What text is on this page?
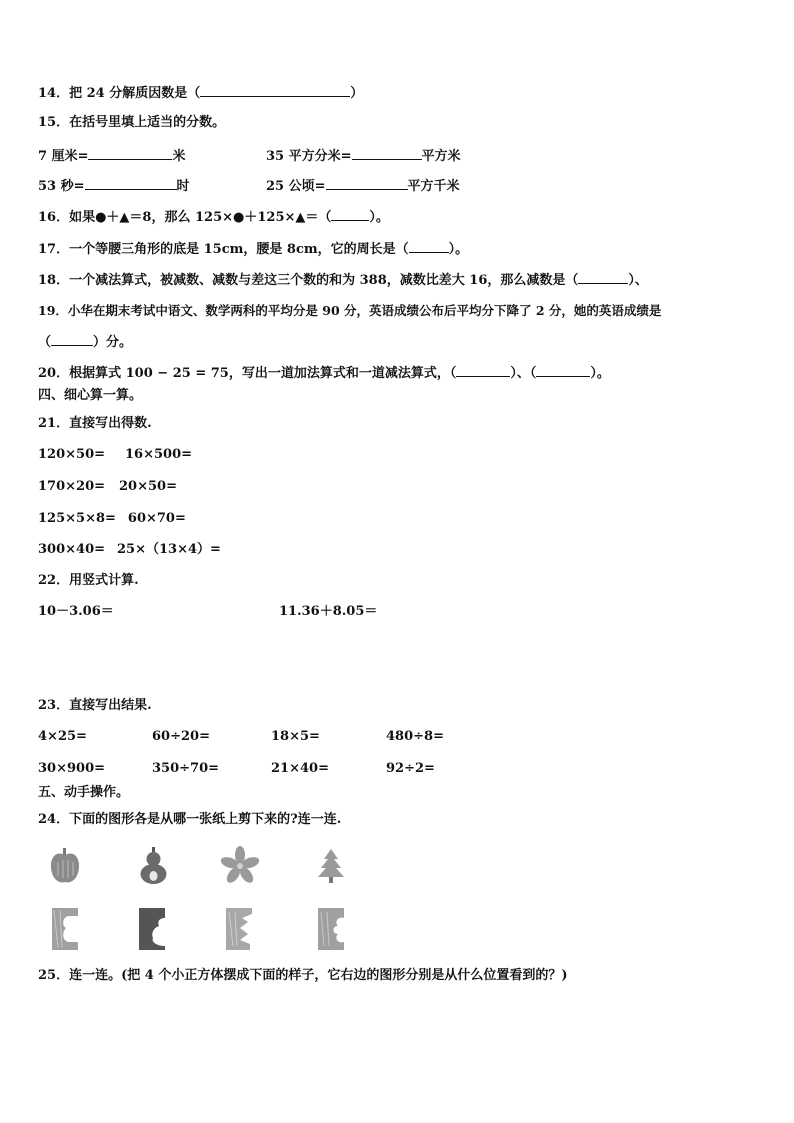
14．把 24 分解质因数是（	）
15．在括号里填上适当的分数。
7 厘米=	米	35 平方分米=	平方米
53 秒=	时	25 公顷=	平方千米
16．如果●＋▲＝8，那么 125×●＋125×▲＝（	）。
17．一个等腰三角形的底是 15cm，腰是 8cm，它的周长是（	）。
18．一个减法算式，被减数、减数与差这三个数的和为 388，减数比差大 16，那么减数是（	）、
19．小华在期末考试中语文、数学两科的平均分是 90 分，英语成绩公布后平均分下降了 2 分，她的英语成绩是
（	）分。
20．根据算式 100 − 25 = 75，写出一道加法算式和一道减法算式，（	）、（	）。
四、细心算一算。
21．直接写出得数.
120×50= 16×500=
170×20= 20×50=
125×5×8= 60×70=
300×40= 25×（13×4）=
22．用竖式计算.
10－3.06＝	11.36＋8.05＝
23．直接写出结果.
4×25=	60÷20=	18×5=	480÷8=
30×900=	350÷70=	21×40=	92÷2=
五、动手操作。
24．下面的图形各是从哪一张纸上剪下来的?连一连.
25．连一连。(把 4 个小正方体摆成下面的样子，它右边的图形分别是从什么位置看到的？)
